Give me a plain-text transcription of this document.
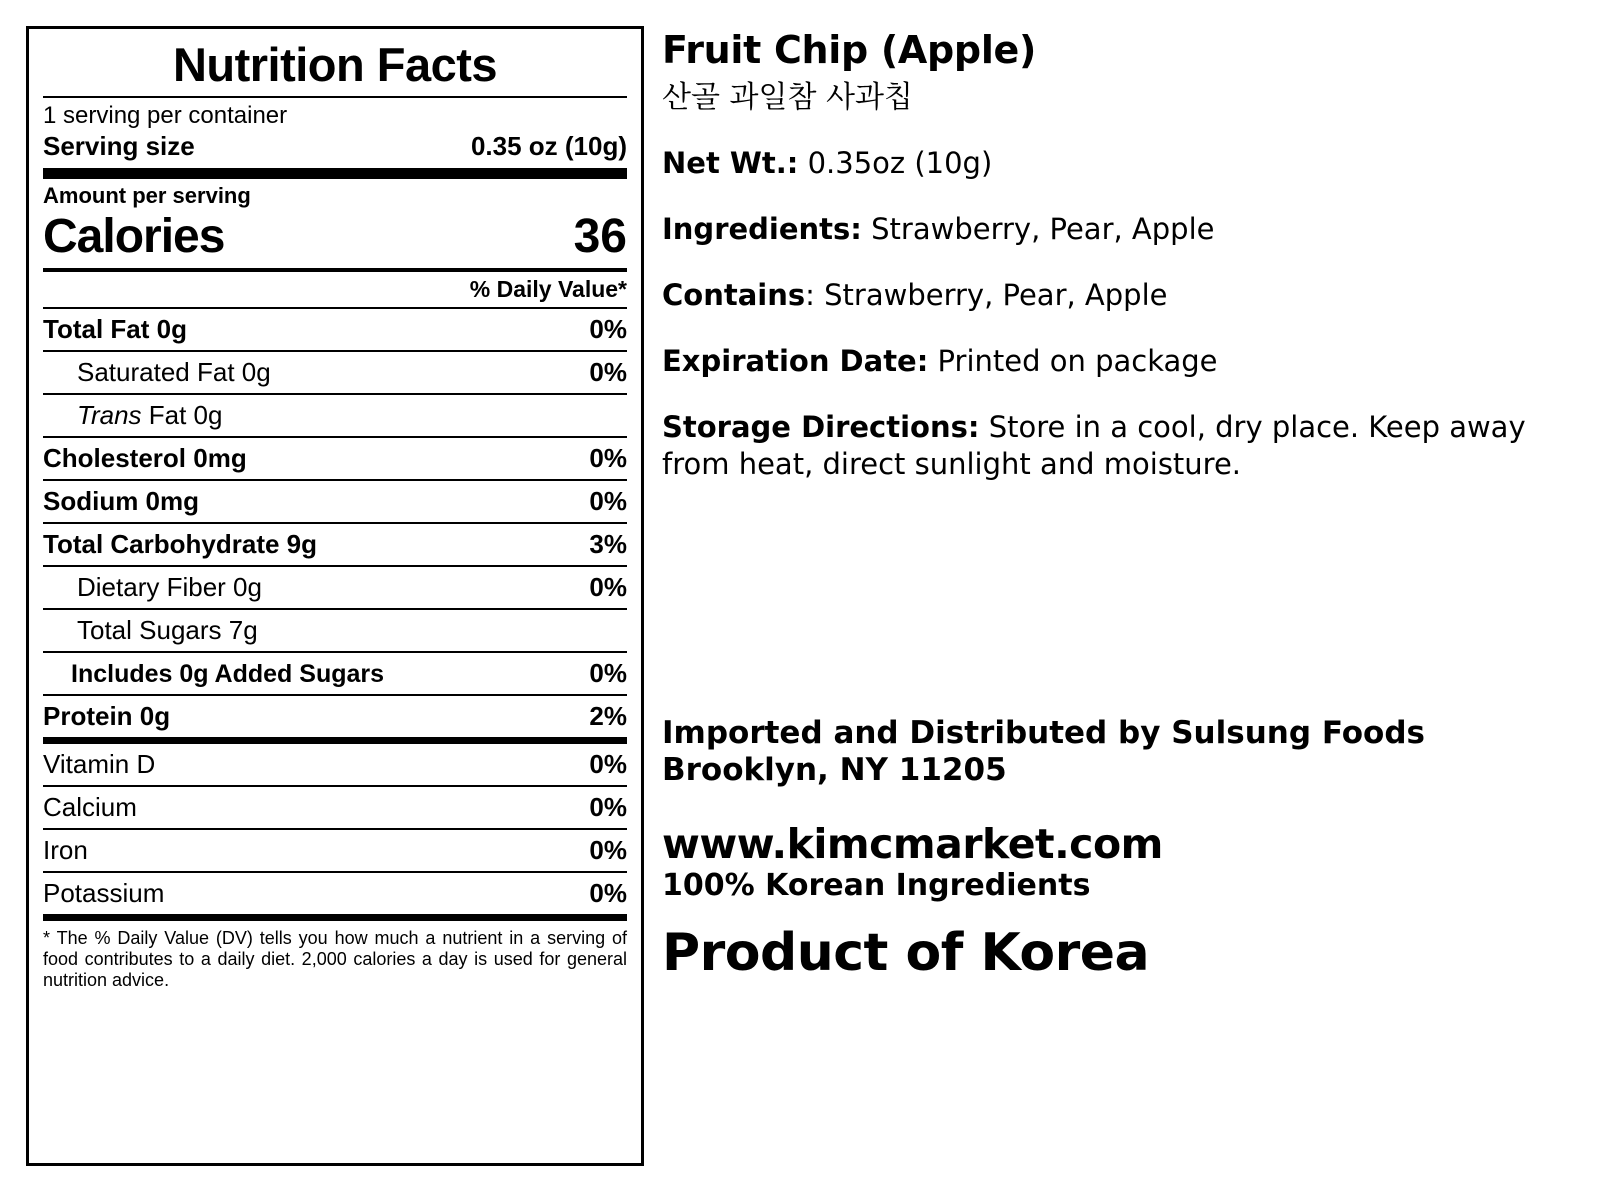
Nutrition Facts
1 serving per container
Serving size	0.35 oz (10g)
Amount per serving
Calories	36
% Daily Value*
Total Fat 0g	0%
Saturated Fat 0g	0%
Trans Fat 0g
Cholesterol 0mg	0%
Sodium 0mg	0%
Total Carbohydrate 9g	3%
Dietary Fiber 0g	0%
Total Sugars 7g
Includes 0g Added Sugars	0%
Protein 0g	2%
Vitamin D	0%
Calcium	0%
Iron	0%
Potassium	0%
* The % Daily Value (DV) tells you how much a nutrient in a serving of food contributes to a daily diet. 2,000 calories a day is used for general nutrition advice.
Fruit Chip (Apple)
산골 과일참 사과칩
Net Wt.: 0.35oz (10g)
Ingredients: Strawberry, Pear, Apple
Contains: Strawberry, Pear, Apple
Expiration Date: Printed on package
Storage Directions: Store in a cool, dry place. Keep away from heat, direct sunlight and moisture.
Imported and Distributed by Sulsung Foods Brooklyn, NY 11205
www.kimcmarket.com
100% Korean Ingredients
Product of Korea
